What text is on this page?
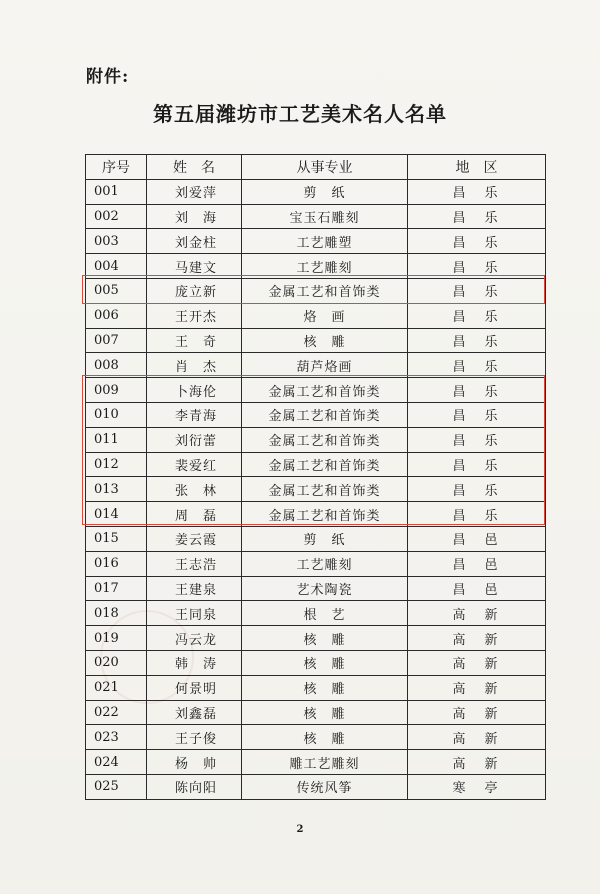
附件:
第五届潍坊市工艺美术名人名单
序号	姓　名	从事专业	地　区
001	刘爱萍	剪　纸	昌　乐
002	刘　海	宝玉石雕刻	昌　乐
003	刘金柱	工艺雕塑	昌　乐
004	马建文	工艺雕刻	昌　乐
005	庞立新	金属工艺和首饰类	昌　乐
006	王开杰	烙　画	昌　乐
007	王　奇	核　雕	昌　乐
008	肖　杰	葫芦烙画	昌　乐
009	卜海伦	金属工艺和首饰类	昌　乐
010	李青海	金属工艺和首饰类	昌　乐
011	刘衍蕾	金属工艺和首饰类	昌　乐
012	裴爱红	金属工艺和首饰类	昌　乐
013	张　林	金属工艺和首饰类	昌　乐
014	周　磊	金属工艺和首饰类	昌　乐
015	姜云霞	剪　纸	昌　邑
016	王志浩	工艺雕刻	昌　邑
017	王建泉	艺术陶瓷	昌　邑
018	王同泉	根　艺	高　新
019	冯云龙	核　雕	高　新
020	韩　涛	核　雕	高　新
021	何景明	核　雕	高　新
022	刘鑫磊	核　雕	高　新
023	王子俊	核　雕	高　新
024	杨　帅	雕工艺雕刻	高　新
025	陈向阳	传统风筝	寒　亭
2
